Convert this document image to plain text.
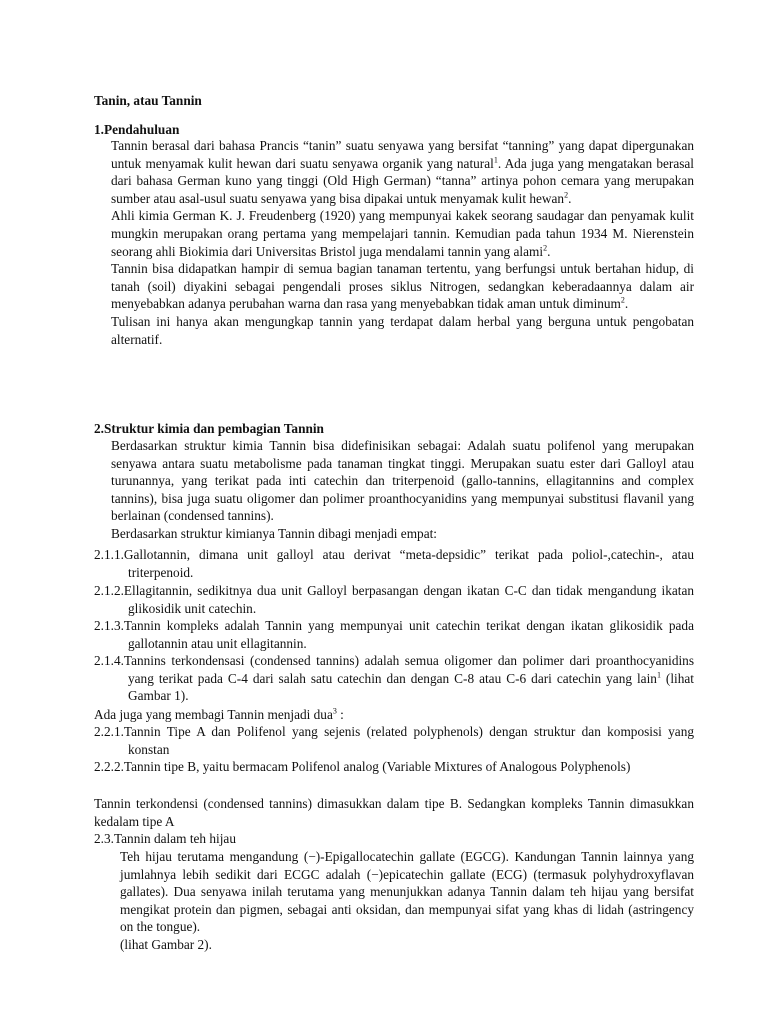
Tanin, atau Tannin
1.Pendahuluan

Tannin berasal dari bahasa Prancis “tanin” suatu senyawa yang bersifat “tanning” yang dapat dipergunakan untuk menyamak kulit hewan dari suatu senyawa organik yang natural$^1$. Ada juga yang mengatakan berasal dari bahasa German kuno yang tinggi (Old High German) “tanna” artinya pohon cemara yang merupakan sumber atau asal-usul suatu senyawa yang bisa dipakai untuk menyamak kulit hewan$^2$.

Ahli kimia German K. J. Freudenberg (1920) yang mempunyai kakek seorang saudagar dan penyamak kulit mungkin merupakan orang pertama yang mempelajari tannin. Kemudian pada tahun 1934 M. Nierenstein seorang ahli Biokimia dari Universitas Bristol juga mendalami tannin yang alami$^2$.

Tannin bisa didapatkan hampir di semua bagian tanaman tertentu, yang berfungsi untuk bertahan hidup, di tanah (soil) diyakini sebagai pengendali proses siklus Nitrogen, sedangkan keberadaannya dalam air menyebabkan adanya perubahan warna dan rasa yang menyebabkan tidak aman untuk diminum$^2$.

Tulisan ini hanya akan mengungkap tannin yang terdapat dalam herbal yang berguna untuk pengobatan alternatif.

2.Struktur kimia dan pembagian Tannin

Berdasarkan struktur kimia Tannin bisa didefinisikan sebagai: Adalah suatu polifenol yang merupakan senyawa antara suatu metabolisme pada tanaman tingkat tinggi. Merupakan suatu ester dari Galloyl atau turunannya, yang terikat pada inti catechin dan triterpenoid (gallo-tannins, ellagitannins and complex tannins), bisa juga suatu oligomer dan polimer proanthocyanidins yang mempunyai substitusi flavanil yang berlainan (condensed tannins).

Berdasarkan struktur kimianya Tannin dibagi menjadi empat:

2.1.1.Gallotannin, dimana unit galloyl atau derivat “meta-depsidic” terikat pada poliol-,catechin-, atau triterpenoid.
2.1.2.Ellagitannin, sedikitnya dua unit Galloyl berpasangan dengan ikatan C-C dan tidak mengandung ikatan glikosidik unit catechin.
2.1.3.Tannin kompleks adalah Tannin yang mempunyai unit catechin terikat dengan ikatan glikosidik pada gallotannin atau unit ellagitannin.
2.1.4.Tannins terkondensasi (condensed tannins) adalah semua oligomer dan polimer dari proanthocyanidins yang terikat pada C-4 dari salah satu catechin dan dengan C-8 atau C-6 dari catechin yang lain$^1$ (lihat Gambar 1).
Ada juga yang membagi Tannin menjadi dua$^3$ :
2.2.1.Tannin Tipe A dan Polifenol yang sejenis (related polyphenols) dengan struktur dan komposisi yang konstan
2.2.2.Tannin tipe B, yaitu bermacam Polifenol analog (Variable Mixtures of Analogous Polyphenols)
Tannin terkondensi (condensed tannins) dimasukkan dalam tipe B. Sedangkan kompleks Tannin dimasukkan kedalam tipe A
2.3.Tannin dalam teh hijau

Teh hijau terutama mengandung (−)-Epigallocatechin gallate (EGCG). Kandungan Tannin lainnya yang jumlahnya lebih sedikit dari ECGC adalah (−)epicatechin gallate (ECG) (termasuk polyhydroxyflavan gallates). Dua senyawa inilah terutama yang menunjukkan adanya Tannin dalam teh hijau yang bersifat mengikat protein dan pigmen, sebagai anti oksidan, dan mempunyai sifat yang khas di lidah (astringency on the tongue).

(lihat Gambar 2).
